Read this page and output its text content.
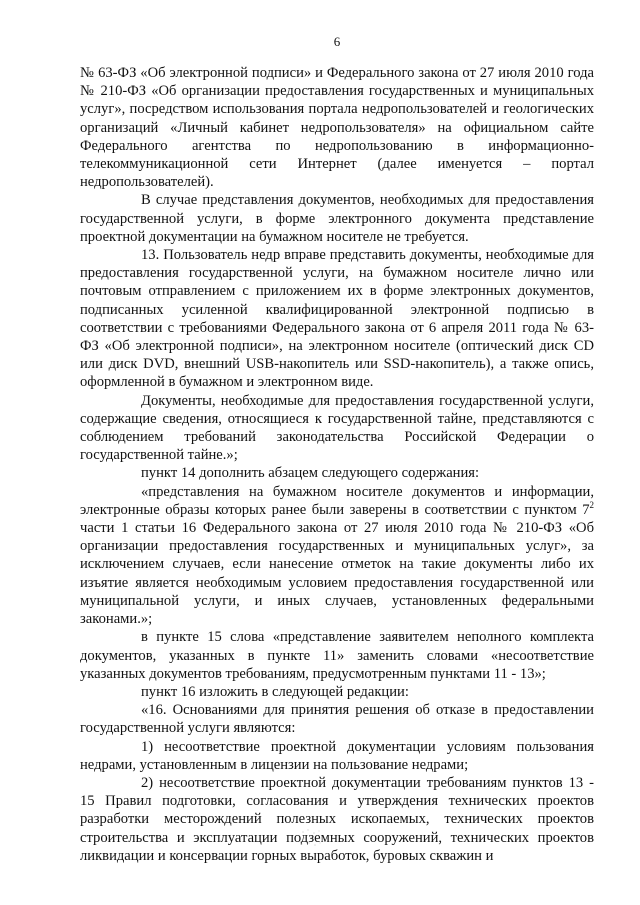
6

№ 63-ФЗ «Об электронной подписи» и Федерального закона от 27 июля 2010 года № 210-ФЗ «Об организации предоставления государственных и муниципальных услуг», посредством использования портала недропользователей и геологических организаций «Личный кабинет недропользователя» на официальном сайте Федерального агентства по недропользованию в информационно-телекоммуникационной сети Интернет (далее именуется – портал недропользователей).

В случае представления документов, необходимых для предоставления государственной услуги, в форме электронного документа представление проектной документации на бумажном носителе не требуется.

13. Пользователь недр вправе представить документы, необходимые для предоставления государственной услуги, на бумажном носителе лично или почтовым отправлением с приложением их в форме электронных документов, подписанных усиленной квалифицированной электронной подписью в соответствии с требованиями Федерального закона от 6 апреля 2011 года № 63-ФЗ «Об электронной подписи», на электронном носителе (оптический диск CD или диск DVD, внешний USB-накопитель или SSD-накопитель), а также опись, оформленной в бумажном и электронном виде.

Документы, необходимые для предоставления государственной услуги, содержащие сведения, относящиеся к государственной тайне, представляются с соблюдением требований законодательства Российской Федерации о государственной тайне.»;

пункт 14 дополнить абзацем следующего содержания:

«представления на бумажном носителе документов и информации, электронные образы которых ранее были заверены в соответствии с пунктом $7^2$ части 1 статьи 16 Федерального закона от 27 июля 2010 года № 210-ФЗ «Об организации предоставления государственных и муниципальных услуг», за исключением случаев, если нанесение отметок на такие документы либо их изъятие является необходимым условием предоставления государственной или муниципальной услуги, и иных случаев, установленных федеральными законами.»;

в пункте 15 слова «представление заявителем неполного комплекта документов, указанных в пункте 11» заменить словами «несоответствие указанных документов требованиям, предусмотренным пунктами 11 - 13»;

пункт 16 изложить в следующей редакции:

«16. Основаниями для принятия решения об отказе в предоставлении государственной услуги являются:

1) несоответствие проектной документации условиям пользования недрами, установленным в лицензии на пользование недрами;

2) несоответствие проектной документации требованиям пунктов 13 - 15 Правил подготовки, согласования и утверждения технических проектов разработки месторождений полезных ископаемых, технических проектов строительства и эксплуатации подземных сооружений, технических проектов ликвидации и консервации горных выработок, буровых скважин и
